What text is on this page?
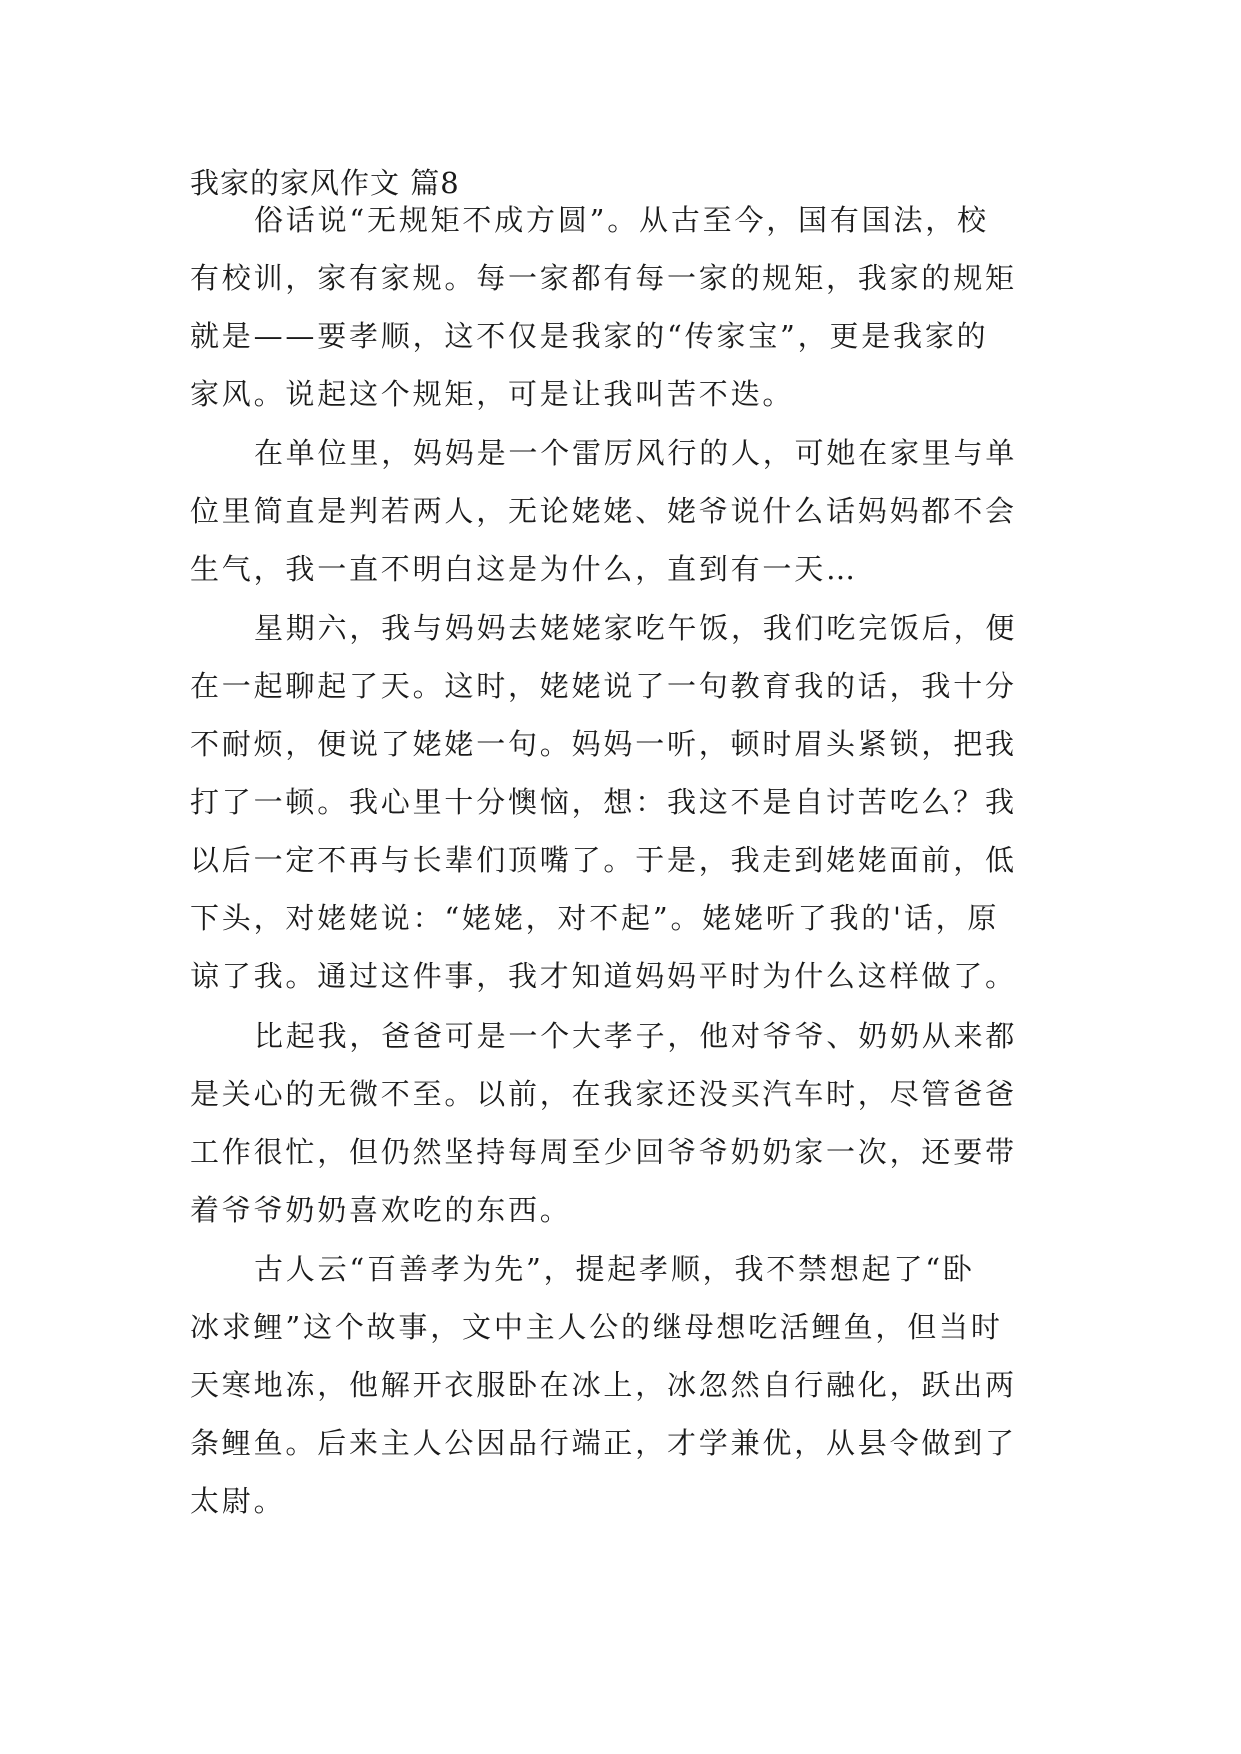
我家的家风作文 篇8
俗话说“无规矩不成方圆”。从古至今，国有国法，校
有校训，家有家规。每一家都有每一家的规矩，我家的规矩
就是——要孝顺，这不仅是我家的“传家宝”，更是我家的
家风。说起这个规矩，可是让我叫苦不迭。
在单位里，妈妈是一个雷厉风行的人，可她在家里与单
位里简直是判若两人，无论姥姥、姥爷说什么话妈妈都不会
生气，我一直不明白这是为什么，直到有一天…
星期六，我与妈妈去姥姥家吃午饭，我们吃完饭后，便
在一起聊起了天。这时，姥姥说了一句教育我的话，我十分
不耐烦，便说了姥姥一句。妈妈一听，顿时眉头紧锁，把我
打了一顿。我心里十分懊恼，想：我这不是自讨苦吃么？我
以后一定不再与长辈们顶嘴了。于是，我走到姥姥面前，低
下头，对姥姥说：“姥姥，对不起”。姥姥听了我的'话，原
谅了我。通过这件事，我才知道妈妈平时为什么这样做了。
比起我，爸爸可是一个大孝子，他对爷爷、奶奶从来都
是关心的无微不至。以前，在我家还没买汽车时，尽管爸爸
工作很忙，但仍然坚持每周至少回爷爷奶奶家一次，还要带
着爷爷奶奶喜欢吃的东西。
古人云“百善孝为先”，提起孝顺，我不禁想起了“卧
冰求鲤”这个故事，文中主人公的继母想吃活鲤鱼，但当时
天寒地冻，他解开衣服卧在冰上，冰忽然自行融化，跃出两
条鲤鱼。后来主人公因品行端正，才学兼优，从县令做到了
太尉。
